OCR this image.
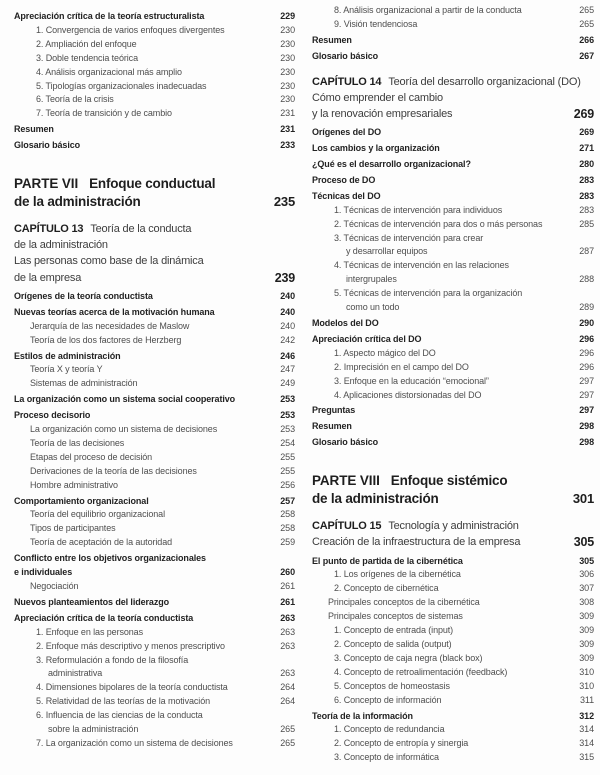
Apreciación crítica de la teoría estructuralista	229
1. Convergencia de varios enfoques divergentes	230
2. Ampliación del enfoque	230
3. Doble tendencia teórica	230
4. Análisis organizacional más amplio	230
5. Tipologías organizacionales inadecuadas	230
6. Teoría de la crisis	230
7. Teoría de transición y de cambio	231
Resumen	231
Glosario básico	233
PARTE VII Enfoque conductual
de la administración	235
CAPÍTULO 13 Teoría de la conducta
de la administración
Las personas como base de la dinámica
de la empresa	239
Orígenes de la teoría conductista	240
Nuevas teorías acerca de la motivación humana	240
Jerarquía de las necesidades de Maslow	240
Teoría de los dos factores de Herzberg	242
Estilos de administración	246
Teoría X y teoría Y	247
Sistemas de administración	249
La organización como un sistema social cooperativo	253
Proceso decisorio	253
La organización como un sistema de decisiones	253
Teoría de las decisiones	254
Etapas del proceso de decisión	255
Derivaciones de la teoría de las decisiones	255
Hombre administrativo	256
Comportamiento organizacional	257
Teoría del equilibrio organizacional	258
Tipos de participantes	258
Teoría de aceptación de la autoridad	259
Conflicto entre los objetivos organizacionales
e individuales	260
Negociación	261
Nuevos planteamientos del liderazgo	261
Apreciación crítica de la teoría conductista	263
1. Enfoque en las personas	263
2. Enfoque más descriptivo y menos prescriptivo	263
3. Reformulación a fondo de la filosofía
administrativa	263
4. Dimensiones bipolares de la teoría conductista	264
5. Relatividad de las teorías de la motivación	264
6. Influencia de las ciencias de la conducta
sobre la administración	265
7. La organización como un sistema de decisiones	265
8. Análisis organizacional a partir de la conducta	265
9. Visión tendenciosa	265
Resumen	266
Glosario básico	267
CAPÍTULO 14 Teoría del desarrollo organizacional (DO)
Cómo emprender el cambio
y la renovación empresariales	269
Orígenes del DO	269
Los cambios y la organización	271
¿Qué es el desarrollo organizacional?	280
Proceso de DO	283
Técnicas del DO	283
1. Técnicas de intervención para individuos	283
2. Técnicas de intervención para dos o más personas	285
3. Técnicas de intervención para crear
y desarrollar equipos	287
4. Técnicas de intervención en las relaciones
intergrupales	288
5. Técnicas de intervención para la organización
como un todo	289
Modelos del DO	290
Apreciación crítica del DO	296
1. Aspecto mágico del DO	296
2. Imprecisión en el campo del DO	296
3. Enfoque en la educación “emocional”	297
4. Aplicaciones distorsionadas del DO	297
Preguntas	297
Resumen	298
Glosario básico	298
PARTE VIII Enfoque sistémico
de la administración	301
CAPÍTULO 15 Tecnología y administración
Creación de la infraestructura de la empresa	305
El punto de partida de la cibernética	305
1. Los orígenes de la cibernética	306
2. Concepto de cibernética	307
Principales conceptos de la cibernética	308
Principales conceptos de sistemas	309
1. Concepto de entrada (input)	309
2. Concepto de salida (output)	309
3. Concepto de caja negra (black box)	309
4. Concepto de retroalimentación (feedback)	310
5. Conceptos de homeostasis	310
6. Concepto de información	311
Teoría de la información	312
1. Concepto de redundancia	314
2. Concepto de entropía y sinergia	314
3. Concepto de informática	315
